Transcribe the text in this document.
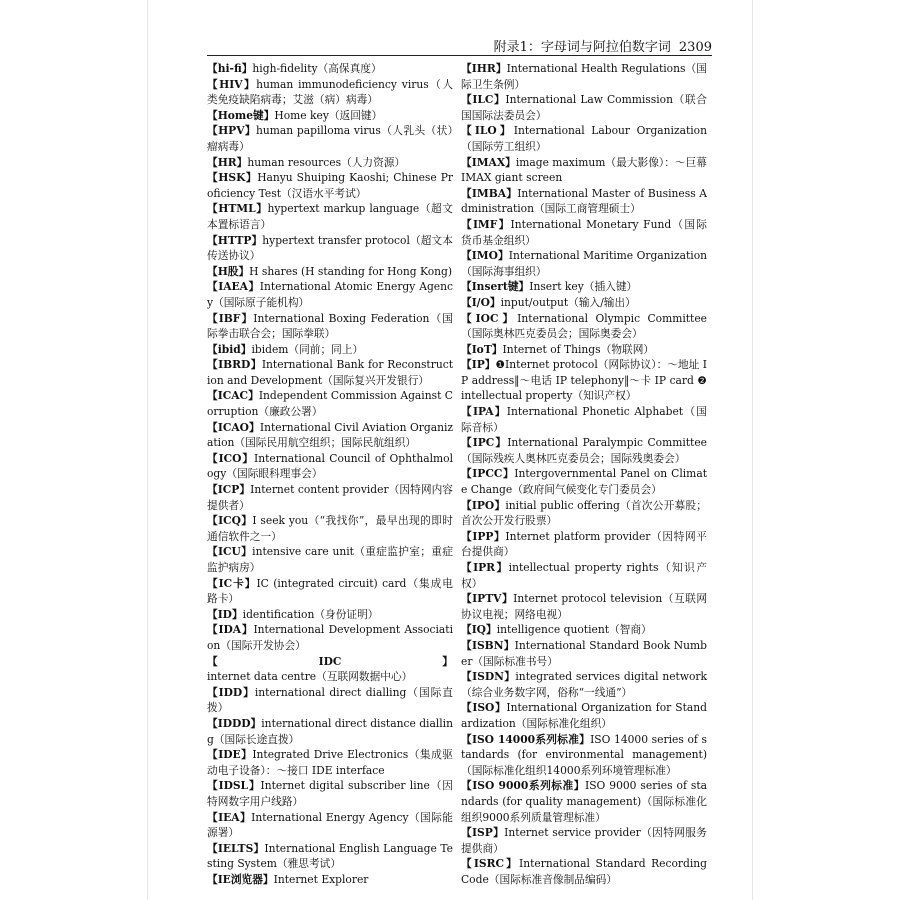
附录1：字母词与阿拉伯数字词 2309

【hi-fi】high-fidelity（高保真度）

【HIV】human immunodeficiency virus（人类免疫缺陷病毒；艾滋（病）病毒）

【Home键】Home key（返回键）

【HPV】human papilloma virus（人乳头（状）瘤病毒）

【HR】human resources（人力资源）

【HSK】Hanyu Shuiping Kaoshi; Chinese Proficiency Test（汉语水平考试）

【HTML】hypertext markup language（超文本置标语言）

【HTTP】hypertext transfer protocol（超文本传送协议）

【H股】H shares (H standing for Hong Kong)

【IAEA】International Atomic Energy Agency（国际原子能机构）

【IBF】International Boxing Federation（国际拳击联合会；国际拳联）

【ibid】ibidem（同前；同上）

【IBRD】International Bank for Reconstruction and Development（国际复兴开发银行）

【ICAC】Independent Commission Against Corruption（廉政公署）

【ICAO】International Civil Aviation Organization（国际民用航空组织；国际民航组织）

【ICO】International Council of Ophthalmology（国际眼科理事会）

【ICP】Internet content provider（因特网内容提供者）

【ICQ】I seek you（“我找你”，最早出现的即时通信软件之一）

【ICU】intensive care unit（重症监护室；重症监护病房）

【IC卡】IC (integrated circuit) card（集成电路卡）

【ID】identification（身份证明）

【IDA】International Development Association（国际开发协会）

【IDC】internet data centre（互联网数据中心）

【IDD】international direct dialling（国际直拨）

【IDDD】international direct distance dialling（国际长途直拨）

【IDE】Integrated Drive Electronics（集成驱动电子设备）：～接口 IDE interface

【IDSL】Internet digital subscriber line（因特网数字用户线路）

【IEA】International Energy Agency（国际能源署）

【IELTS】International English Language Testing System（雅思考试）

【IE浏览器】Internet Explorer

【IHR】International Health Regulations（国际卫生条例）

【ILC】International Law Commission（联合国国际法委员会）

【ILO】International Labour Organization（国际劳工组织）

【IMAX】image maximum（最大影像）：～巨幕 IMAX giant screen

【IMBA】International Master of Business Administration（国际工商管理硕士）

【IMF】International Monetary Fund（国际货币基金组织）

【IMO】International Maritime Organization（国际海事组织）

【Insert键】Insert key（插入键）

【I/O】input/output（输入/输出）

【IOC】International Olympic Committee（国际奥林匹克委员会；国际奥委会）

【IoT】Internet of Things（物联网）

【IP】❶Internet protocol（网际协议）：～地址 IP address‖～电话 IP telephony‖～卡 IP card ❷intellectual property（知识产权）

【IPA】International Phonetic Alphabet（国际音标）

【IPC】International Paralympic Committee（国际残疾人奥林匹克委员会；国际残奥委会）

【IPCC】Intergovernmental Panel on Climate Change（政府间气候变化专门委员会）

【IPO】initial public offering（首次公开募股；首次公开发行股票）

【IPP】Internet platform provider（因特网平台提供商）

【IPR】intellectual property rights（知识产权）

【IPTV】Internet protocol television（互联网协议电视；网络电视）

【IQ】intelligence quotient（智商）

【ISBN】International Standard Book Number（国际标准书号）

【ISDN】integrated services digital network（综合业务数字网，俗称“一线通”）

【ISO】International Organization for Standardization（国际标准化组织）

【ISO 14000系列标准】ISO 14000 series of standards (for environmental management)（国际标准化组织14000系列环境管理标准）

【ISO 9000系列标准】ISO 9000 series of standards (for quality management)（国际标准化组织9000系列质量管理标准）

【ISP】Internet service provider（因特网服务提供商）

【ISRC】International Standard Recording Code（国际标准音像制品编码）
